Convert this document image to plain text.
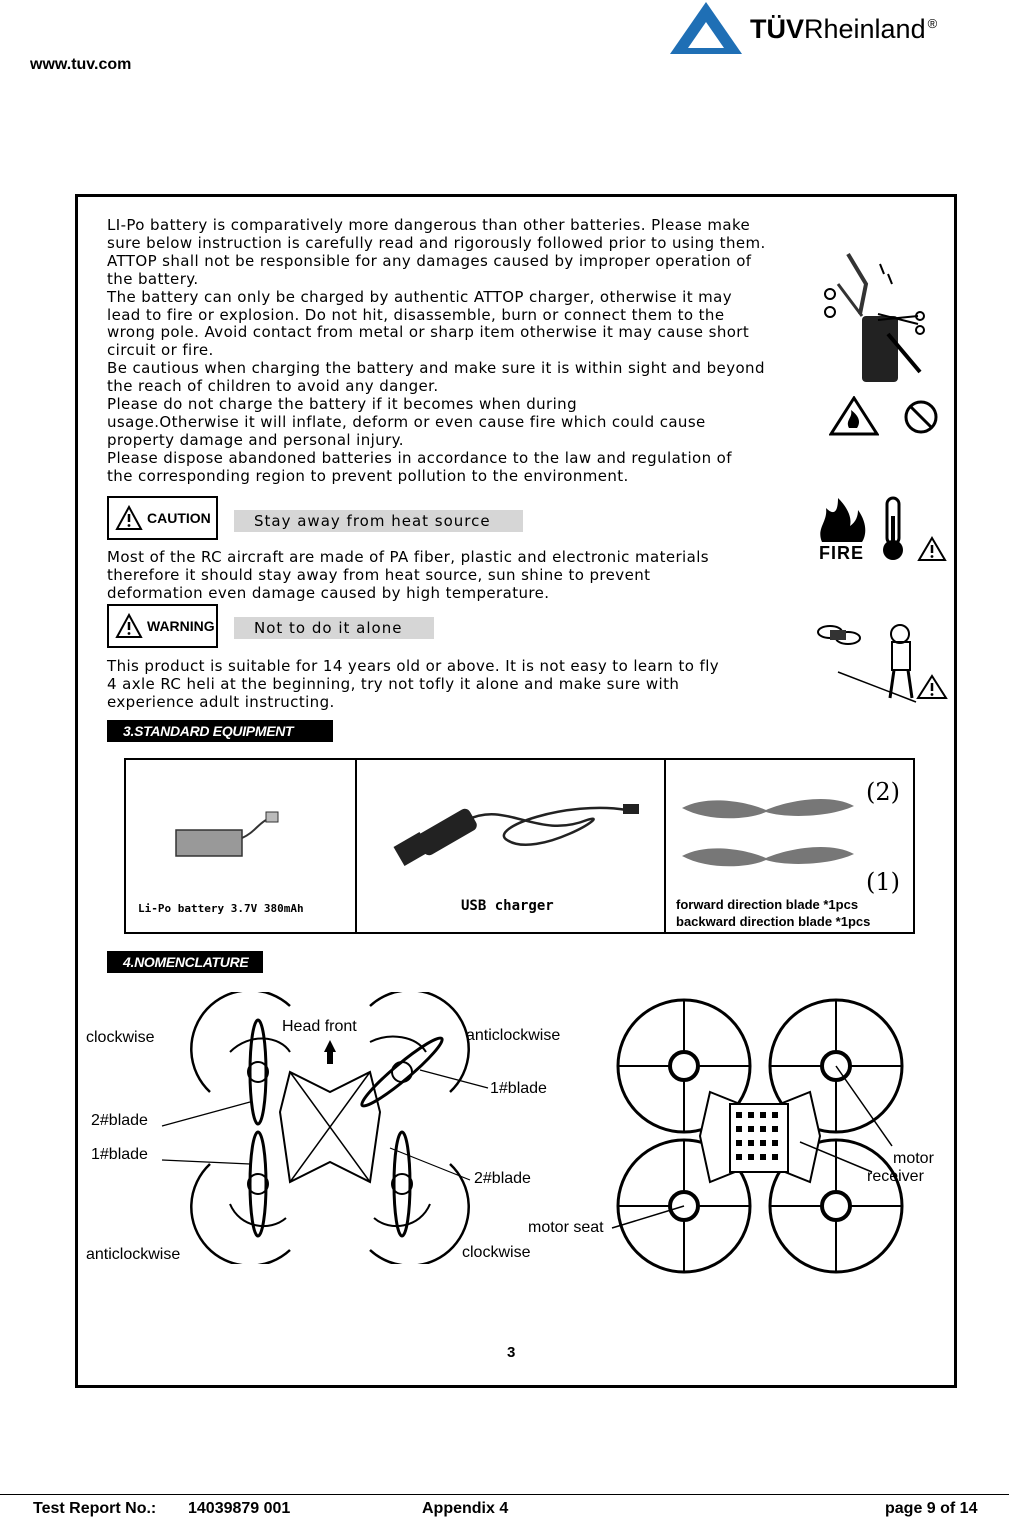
www.tuv.com
TÜVRheinland ®

LI-Po battery is comparatively more dangerous than other batteries. Please make

sure below instruction is carefully read and rigorously followed prior to using them.

ATTOP shall not be responsible for any damages caused by improper operation of

the battery.

The battery can only be charged by authentic ATTOP charger, otherwise it may

lead to fire or explosion. Do not hit, disassemble, burn or connect them to the

wrong pole. Avoid contact from metal or sharp item otherwise it may cause short

circuit or fire.

Be cautious when charging the battery and make sure it is within sight and beyond

the reach of children to avoid any danger.

Please do not charge the battery if it becomes when during

usage.Otherwise it will inflate, deform or even cause fire which could cause

property damage and personal injury.

Please dispose abandoned batteries in accordance to the law and regulation of

the corresponding region to prevent pollution to the environment.

CAUTION	Stay away from heat source

Most of the RC aircraft are made of PA fiber, plastic and electronic materials

therefore it should stay away from heat source, sun shine to prevent

deformation even damage caused by high temperature.

FIRE
WARNING	Not to do it alone

This product is suitable for 14 years old or above. It is not easy to learn to fly

4 axle RC heli at the beginning, try not tofly it alone and make sure with

experience adult instructing.

3.STANDARD EQUIPMENT
Li-Po battery 3.7V 380mAh	USB charger
(2)
(1)
forward direction blade *1pcs
backward direction blade *1pcs
4.NOMENCLATURE
clockwise
Head front
anticlockwise
1#blade
2#blade
1#blade
2#blade
anticlockwise	clockwise
motor
receiver
motor seat
3
Test Report No.: 14039879 001	Appendix 4	page 9 of 14
